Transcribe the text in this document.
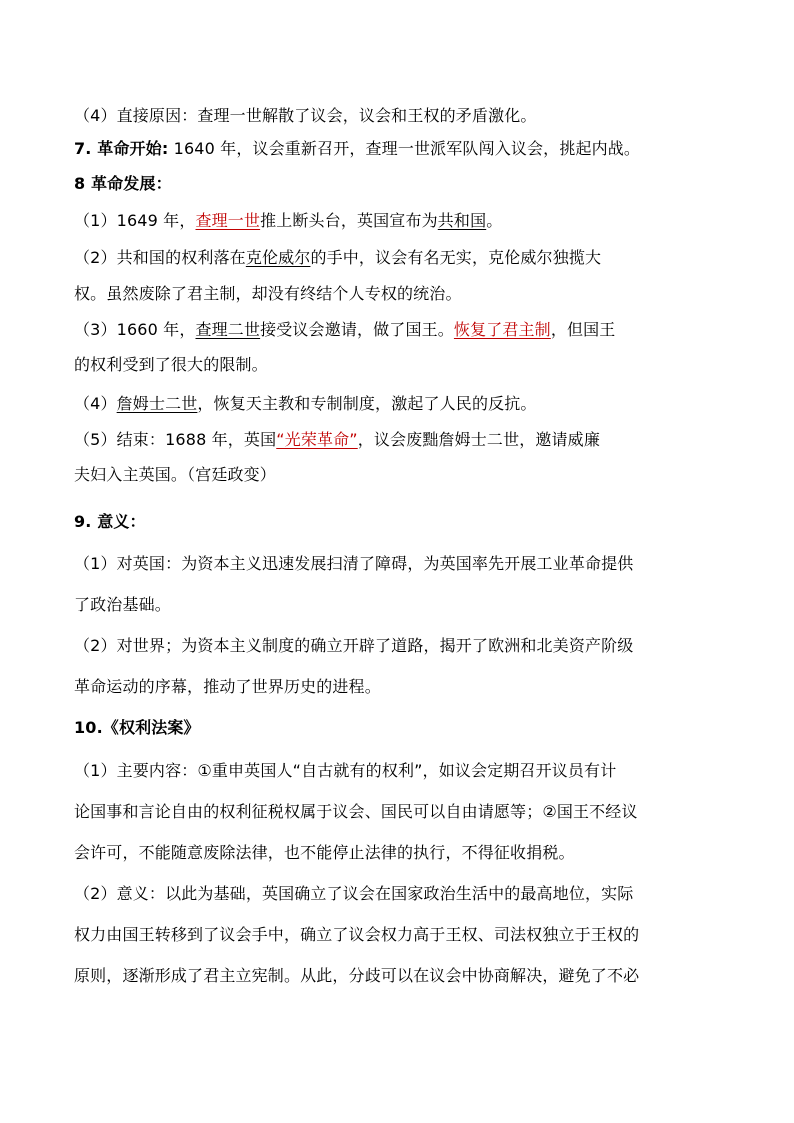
（4）直接原因：查理一世解散了议会，议会和王权的矛盾激化。
7. 革命开始: 1640 年，议会重新召开，查理一世派军队闯入议会，挑起内战。
8 革命发展：
（1）1649 年，查理一世推上断头台，英国宣布为共和国。
（2）共和国的权利落在克伦威尔的手中，议会有名无实，克伦威尔独揽大
权。虽然废除了君主制，却没有终结个人专权的统治。
（3）1660 年，查理二世接受议会邀请，做了国王。恢复了君主制，但国王
的权利受到了很大的限制。
（4）詹姆士二世，恢复天主教和专制制度，激起了人民的反抗。
（5）结束：1688 年，英国“光荣革命”，议会废黜詹姆士二世，邀请威廉
夫妇入主英国。（宫廷政变）
9. 意义：
（1）对英国：为资本主义迅速发展扫清了障碍，为英国率先开展工业革命提供
了政治基础。
（2）对世界；为资本主义制度的确立开辟了道路，揭开了欧洲和北美资产阶级
革命运动的序幕，推动了世界历史的进程。
10.《权利法案》
（1）主要内容：①重申英国人“自古就有的权利”，如议会定期召开议员有计
论国事和言论自由的权利征税权属于议会、国民可以自由请愿等；②国王不经议
会许可，不能随意废除法律，也不能停止法律的执行，不得征收捐税。
（2）意义：以此为基础，英国确立了议会在国家政治生活中的最高地位，实际
权力由国王转移到了议会手中，确立了议会权力高于王权、司法权独立于王权的
原则，逐渐形成了君主立宪制。从此，分歧可以在议会中协商解决，避免了不必
